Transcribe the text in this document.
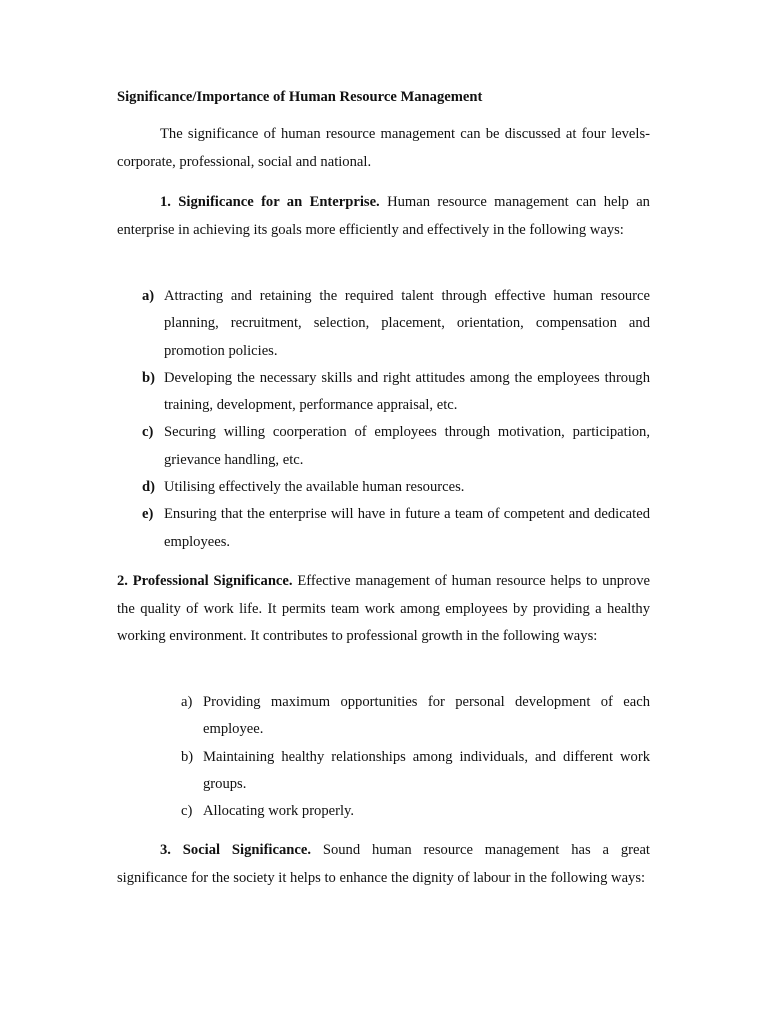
Significance/Importance of Human Resource Management

The significance of human resource management can be discussed at four levels-corporate, professional, social and national.

1. Significance for an Enterprise. Human resource management can help an enterprise in achieving its goals more efficiently and effectively in the following ways:

a) Attracting and retaining the required talent through effective human resource planning, recruitment, selection, placement, orientation, compensation and promotion policies.
b) Developing the necessary skills and right attitudes among the employees through training, development, performance appraisal, etc.
c) Securing willing coorperation of employees through motivation, participation, grievance handling, etc.
d) Utilising effectively the available human resources.
e) Ensuring that the enterprise will have in future a team of competent and dedicated employees.

2. Professional Significance. Effective management of human resource helps to unprove the quality of work life. It permits team work among employees by providing a healthy working environment. It contributes to professional growth in the following ways:

a) Providing maximum opportunities for personal development of each employee.
b) Maintaining healthy relationships among individuals, and different work groups.
c) Allocating work properly.

3. Social Significance. Sound human resource management has a great significance for the society it helps to enhance the dignity of labour in the following ways:
